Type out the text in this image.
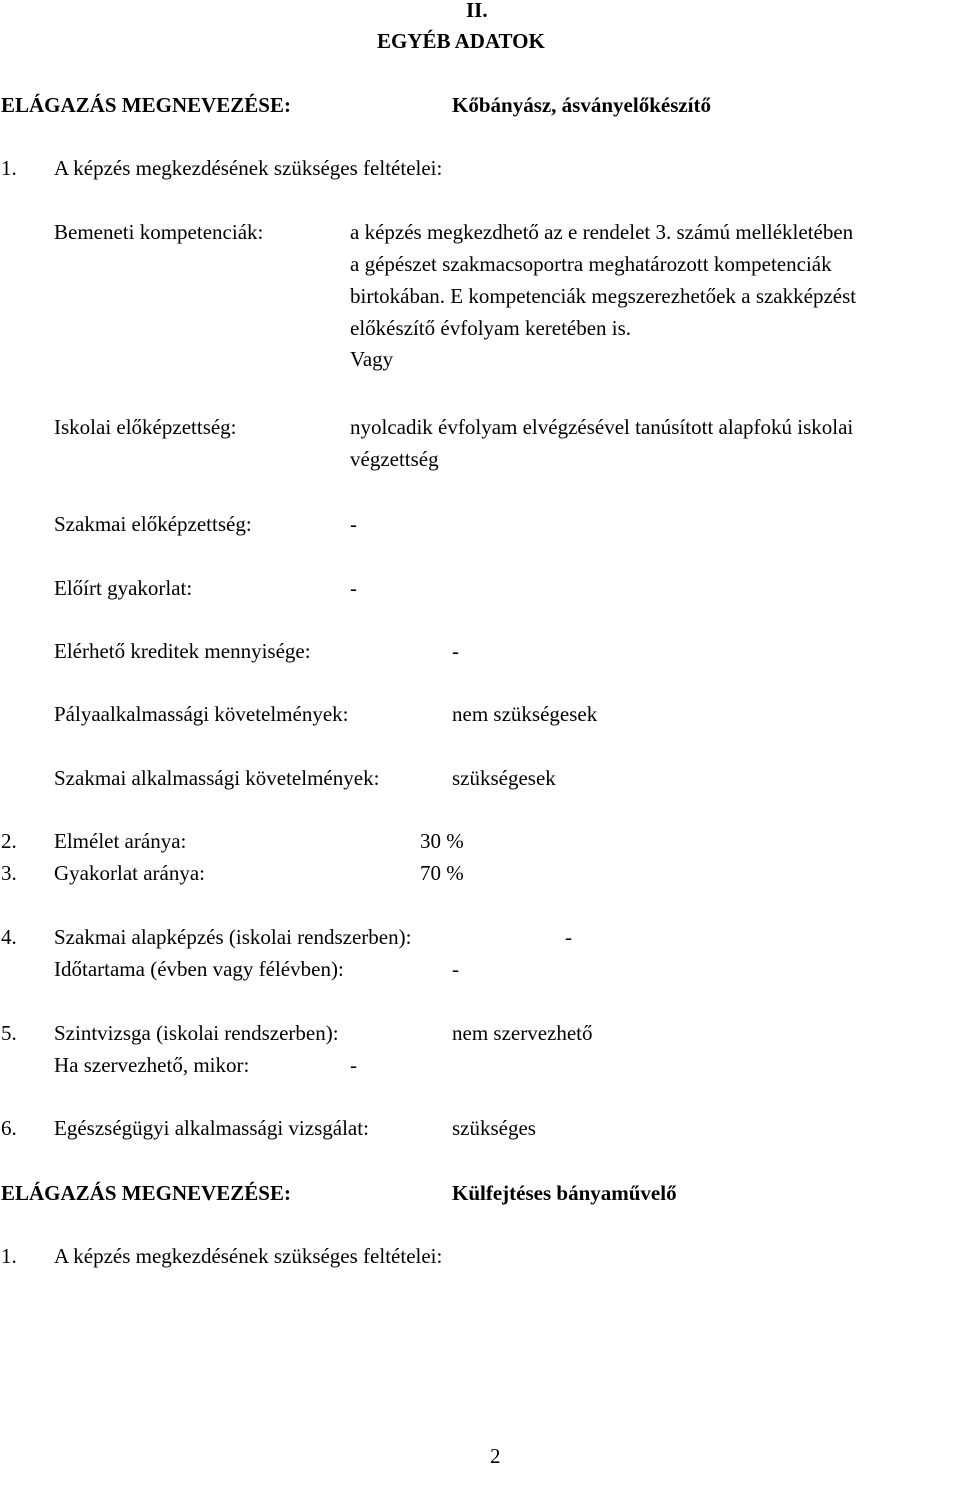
II.
EGYÉB ADATOK
ELÁGAZÁS MEGNEVEZÉSE:	Kőbányász, ásványelőkészítő
1. A képzés megkezdésének szükséges feltételei:
Bemeneti kompetenciák:	a képzés megkezdhető az e rendelet 3. számú mellékletében
a gépészet szakmacsoportra meghatározott kompetenciák
birtokában. E kompetenciák megszerezhetőek a szakképzést
előkészítő évfolyam keretében is.
Vagy
Iskolai előképzettség:	nyolcadik évfolyam elvégzésével tanúsított alapfokú iskolai
végzettség
Szakmai előképzettség:	-
Előírt gyakorlat:	-
Elérhető kreditek mennyisége:	-
Pályaalkalmassági követelmények:	nem szükségesek
Szakmai alkalmassági követelmények:	szükségesek
2. Elmélet aránya:	30 %
3. Gyakorlat aránya:	70 %
4. Szakmai alapképzés (iskolai rendszerben):	-
Időtartama (évben vagy félévben):	-
5. Szintvizsga (iskolai rendszerben):	nem szervezhető
Ha szervezhető, mikor:	-
6. Egészségügyi alkalmassági vizsgálat:	szükséges
ELÁGAZÁS MEGNEVEZÉSE:	Külfejtéses bányaművelő
1. A képzés megkezdésének szükséges feltételei:
2
